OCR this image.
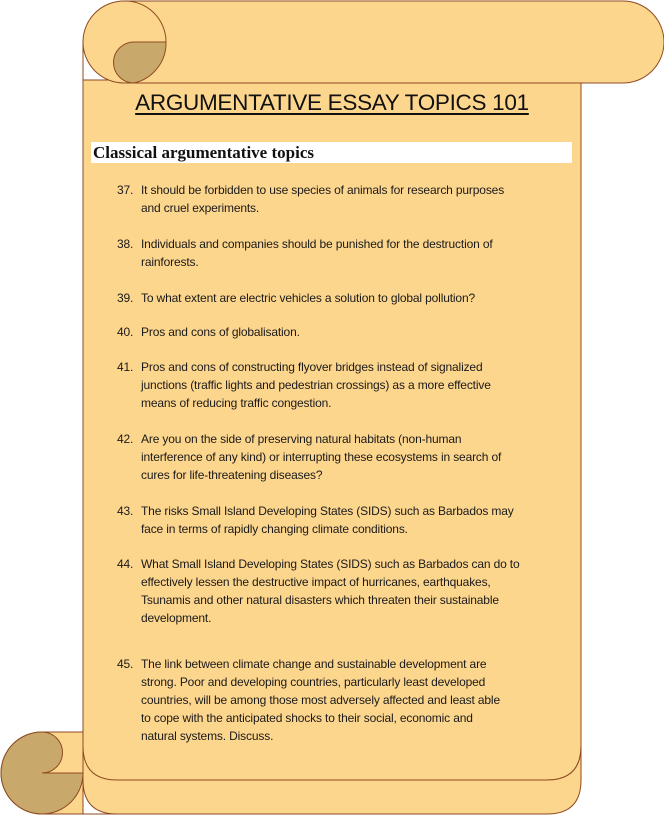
ARGUMENTATIVE ESSAY TOPICS 101
Classical argumentative topics
37. It should be forbidden to use species of animals for research purposes
and cruel experiments.
38. Individuals and companies should be punished for the destruction of
rainforests.
39. To what extent are electric vehicles a solution to global pollution?
40. Pros and cons of globalisation.
41. Pros and cons of constructing flyover bridges instead of signalized
junctions (traffic lights and pedestrian crossings) as a more effective
means of reducing traffic congestion.
42. Are you on the side of preserving natural habitats (non-human
interference of any kind) or interrupting these ecosystems in search of
cures for life-threatening diseases?
43. The risks Small Island Developing States (SIDS) such as Barbados may
face in terms of rapidly changing climate conditions.
44. What Small Island Developing States (SIDS) such as Barbados can do to
effectively lessen the destructive impact of hurricanes, earthquakes,
Tsunamis and other natural disasters which threaten their sustainable
development.
45. The link between climate change and sustainable development are
strong. Poor and developing countries, particularly least developed
countries, will be among those most adversely affected and least able
to cope with the anticipated shocks to their social, economic and
natural systems. Discuss.
